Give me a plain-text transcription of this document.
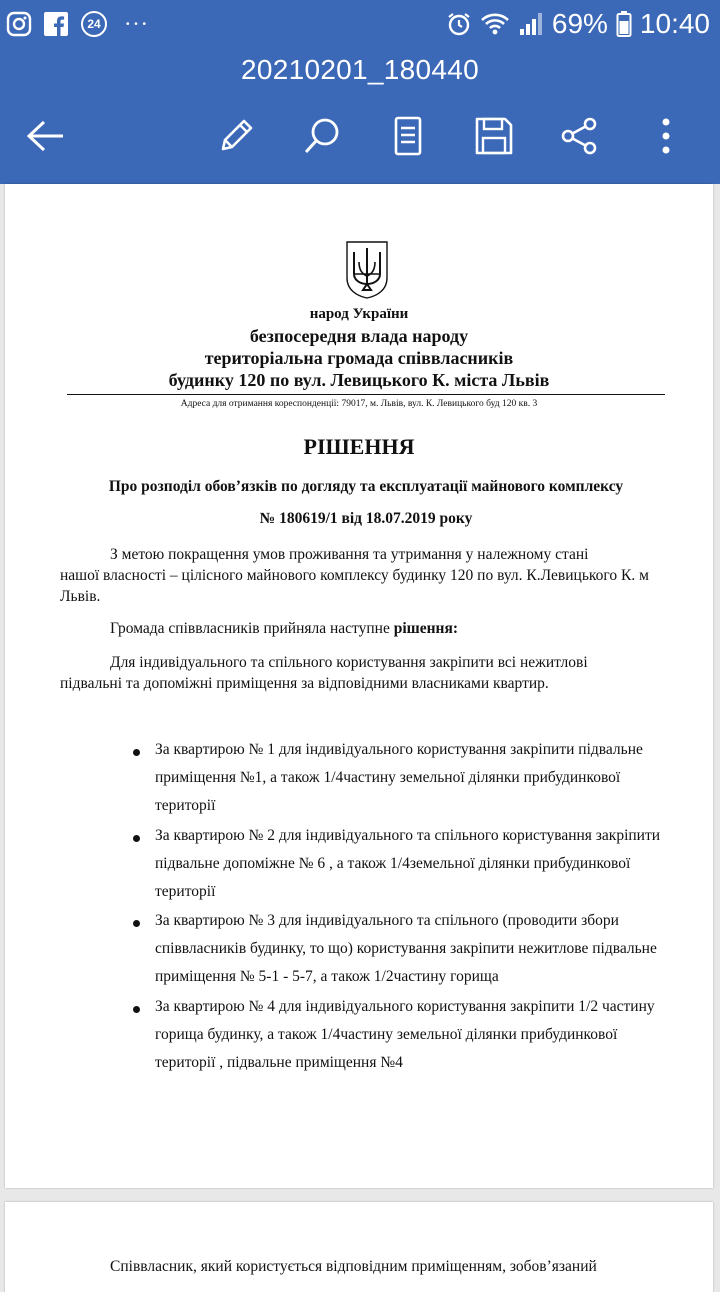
24	• • •	69% 10:40
20210201_180440
народ України
безпосередня влада народу
територіальна громада співвласників
будинку 120 по вул. Левицького К. міста Львів
Адреса для отримання кореспонденції: 79017, м. Львів, вул. К. Левицького буд 120 кв. 3
РІШЕННЯ
Про розподіл обов’язків по догляду та експлуатації майнового комплексу
№ 180619/1 від 18.07.2019 року
З метою покращення умов проживання та утримання у належному стані
нашої власності – цілісного майнового комплексу будинку 120 по вул. К.Левицького К. м Львів.
Громада співвласників прийняла наступне рішення:
Для індивідуального та спільного користування закріпити всі нежитлові
підвальні та допоміжні приміщення за відповідними власниками квартир.
За квартирою № 1 для індивідуального користування закріпити підвальне приміщення №1, а також 1/4частину земельної ділянки прибудинкової території
За квартирою № 2 для індивідуального та спільного користування закріпити підвальне допоміжне № 6 , а також 1/4земельної ділянки прибудинкової території
За квартирою № 3 для індивідуального та спільного (проводити збори співвласників будинку, то що) користування закріпити нежитлове підвальне приміщення № 5-1 - 5-7, а також 1/2частину горища
За квартирою № 4 для індивідуального користування закріпити 1/2 частину горища будинку, а також 1/4частину земельної ділянки прибудинкової території , підвальне приміщення №4
Співвласник, який користується відповідним приміщенням, зобов’язаний
